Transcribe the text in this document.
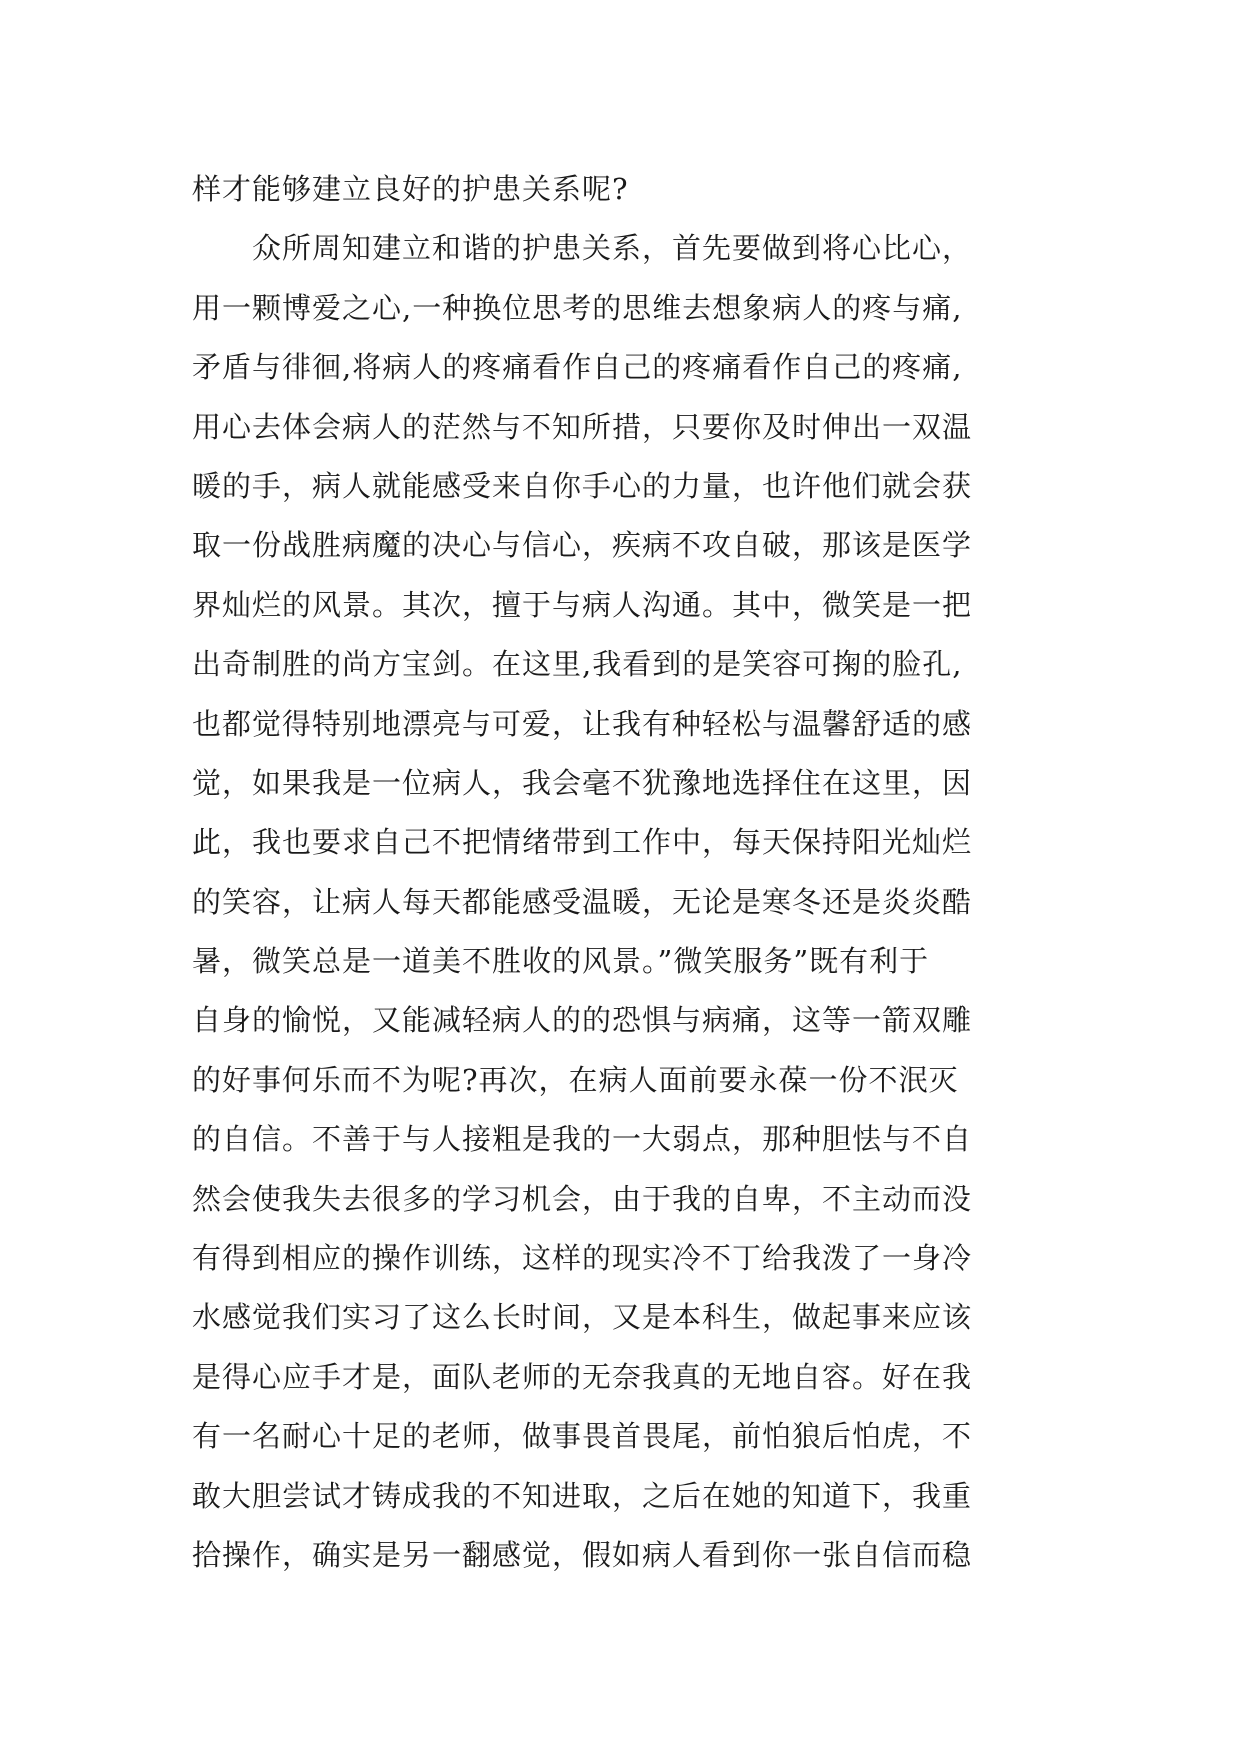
样才能够建立良好的护患关系呢?
　　众所周知建立和谐的护患关系，首先要做到将心比心，
用一颗博爱之心,一种换位思考的思维去想象病人的疼与痛,
矛盾与徘徊,将病人的疼痛看作自己的疼痛看作自己的疼痛,
用心去体会病人的茫然与不知所措，只要你及时伸出一双温
暖的手，病人就能感受来自你手心的力量，也许他们就会获
取一份战胜病魔的决心与信心，疾病不攻自破，那该是医学
界灿烂的风景。其次，擅于与病人沟通。其中，微笑是一把
出奇制胜的尚方宝剑。在这里,我看到的是笑容可掬的脸孔,
也都觉得特别地漂亮与可爱，让我有种轻松与温馨舒适的感
觉，如果我是一位病人，我会毫不犹豫地选择住在这里，因
此，我也要求自己不把情绪带到工作中，每天保持阳光灿烂
的笑容，让病人每天都能感受温暖，无论是寒冬还是炎炎酷
暑，微笑总是一道美不胜收的风景。”微笑服务”既有利于
自身的愉悦，又能减轻病人的的恐惧与病痛，这等一箭双雕
的好事何乐而不为呢?再次，在病人面前要永葆一份不泯灭
的自信。不善于与人接粗是我的一大弱点，那种胆怯与不自
然会使我失去很多的学习机会，由于我的自卑，不主动而没
有得到相应的操作训练，这样的现实冷不丁给我泼了一身冷
水感觉我们实习了这么长时间，又是本科生，做起事来应该
是得心应手才是，面队老师的无奈我真的无地自容。好在我
有一名耐心十足的老师，做事畏首畏尾，前怕狼后怕虎，不
敢大胆尝试才铸成我的不知进取，之后在她的知道下，我重
拾操作，确实是另一翻感觉，假如病人看到你一张自信而稳
